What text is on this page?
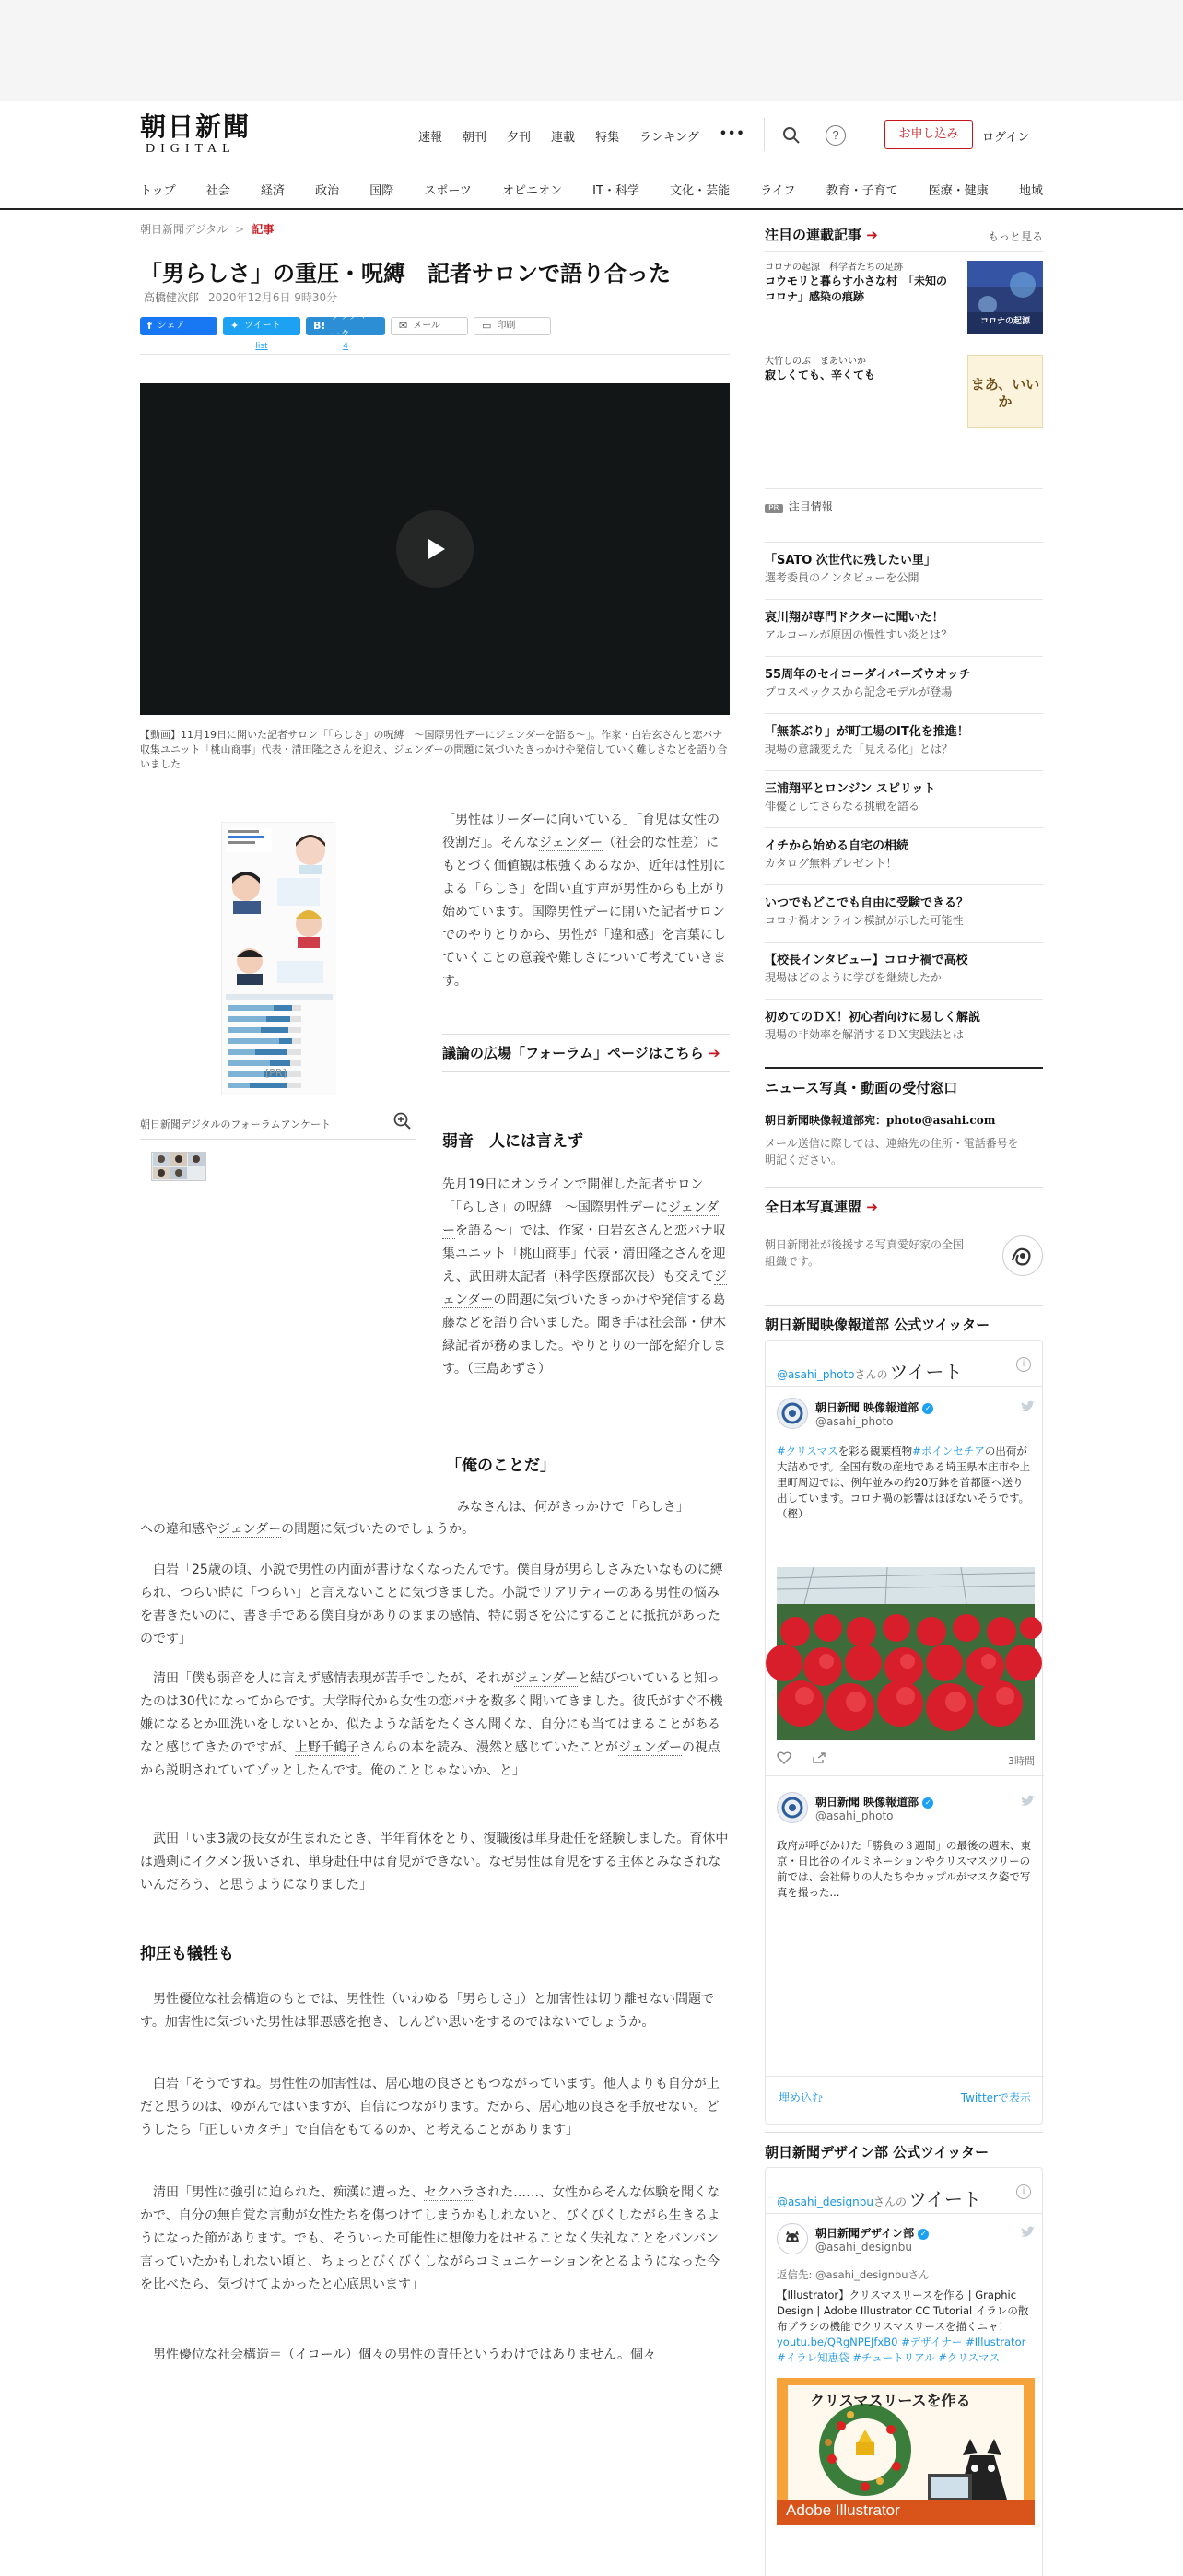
朝日新聞
DIGITAL
速報 朝刊 夕刊 連載 特集 ランキング •••	?	お申し込み	ログイン
トップ	社会	経済	政治	国際	スポーツ	オピニオン	IT・科学	文化・芸能	ライフ	教育・子育て	医療・健康	地域
朝日新聞デジタル > 記事
「男らしさ」の重圧・呪縛　記者サロンで語り合った
高橋健次郎 2020年12月6日 9時30分
f シェア	✦ ツイート
list
B!
ブックマーク
4
✉ メール	▭ 印刷
【動画】11月19日に開いた記者サロン「「らしさ」の呪縛　～国際男性デーにジェンダーを語る～」。作家・白岩玄さんと恋バナ収集ユニット「桃山商事」代表・清田隆之さんを迎え、ジェンダーの問題に気づいたきっかけや発信していく難しさなどを語り合いました
朝日新聞デジタルのフォーラムアンケート
[PR]
「男性はリーダーに向いている」「育児は女性の役割だ」。そんなジェンダー（社会的な性差）にもとづく価値観は根強くあるなか、近年は性別による「らしさ」を問い直す声が男性からも上がり始めています。国際男性デーに開いた記者サロンでのやりとりから、男性が「違和感」を言葉にしていくことの意義や難しさについて考えていきます。
議論の広場「フォーラム」ページはこちら ➔
弱音　人には言えず
先月19日にオンラインで開催した記者サロン「「らしさ」の呪縛　～国際男性デーにジェンダーを語る～」では、作家・白岩玄さんと恋バナ収集ユニット「桃山商事」代表・清田隆之さんを迎え、武田耕太記者（科学医療部次長）も交えてジェンダーの問題に気づいたきっかけや発信する葛藤などを語り合いました。聞き手は社会部・伊木緑記者が務めました。やりとりの一部を紹介します。（三島あずさ）
「俺のことだ」
みなさんは、何がきっかけで「らしさ」
への違和感やジェンダーの問題に気づいたのでしょうか。
白岩「25歳の頃、小説で男性の内面が書けなくなったんです。僕自身が男らしさみたいなものに縛られ、つらい時に「つらい」と言えないことに気づきました。小説でリアリティーのある男性の悩みを書きたいのに、書き手である僕自身がありのままの感情、特に弱さを公にすることに抵抗があったのです」
清田「僕も弱音を人に言えず感情表現が苦手でしたが、それがジェンダーと結びついていると知ったのは30代になってからです。大学時代から女性の恋バナを数多く聞いてきました。彼氏がすぐ不機嫌になるとか皿洗いをしないとか、似たような話をたくさん聞くな、自分にも当てはまることがあるなと感じてきたのですが、上野千鶴子さんらの本を読み、漫然と感じていたことがジェンダーの視点から説明されていてゾッとしたんです。俺のことじゃないか、と」
武田「いま3歳の長女が生まれたとき、半年育休をとり、復職後は単身赴任を経験しました。育休中は過剰にイクメン扱いされ、単身赴任中は育児ができない。なぜ男性は育児をする主体とみなされないんだろう、と思うようになりました」
抑圧も犠牲も
男性優位な社会構造のもとでは、男性性（いわゆる「男らしさ」）と加害性は切り離せない問題です。加害性に気づいた男性は罪悪感を抱き、しんどい思いをするのではないでしょうか。
白岩「そうですね。男性性の加害性は、居心地の良さともつながっています。他人よりも自分が上だと思うのは、ゆがんではいますが、自信につながります。だから、居心地の良さを手放せない。どうしたら「正しいカタチ」で自信をもてるのか、と考えることがあります」
清田「男性に強引に迫られた、痴漢に遭った、セクハラされた……、女性からそんな体験を聞くなかで、自分の無自覚な言動が女性たちを傷つけてしまうかもしれないと、びくびくしながら生きるようになった節があります。でも、そういった可能性に想像力をはせることなく失礼なことをバンバン言っていたかもしれない頃と、ちょっとびくびくしながらコミュニケーションをとるようになった今を比べたら、気づけてよかったと心底思います」
男性優位な社会構造＝（イコール）個々の男性の責任というわけではありません。個々
注目の連載記事 ➔	もっと見る
コロナの起源　科学者たちの足跡
コウモリと暮らす小さな村　「未知のコロナ」感染の痕跡
コロナの起源
大竹しのぶ　まあいいか
寂しくても、辛くても
まあ、いいか
PR 注目情報
「SATO 次世代に残したい里」
選考委員のインタビューを公開
哀川翔が専門ドクターに聞いた！
アルコールが原因の慢性すい炎とは？
55周年のセイコーダイバーズウオッチ
プロスペックスから記念モデルが登場
「無茶ぶり」が町工場のIT化を推進！
現場の意識変えた「見える化」とは？
三浦翔平とロンジン スピリット
俳優としてさらなる挑戦を語る
イチから始める自宅の相続
カタログ無料プレゼント！
いつでもどこでも自由に受験できる？
コロナ禍オンライン模試が示した可能性
【校長インタビュー】コロナ禍で高校
現場はどのように学びを継続したか
初めてのＤＸ！初心者向けに易しく解説
現場の非効率を解消するＤＸ実践法とは
ニュース写真・動画の受付窓口
朝日新聞映像報道部宛：photo@asahi.com
メール送信に際しては、連絡先の住所・電話番号を明記ください。
全日本写真連盟 ➔
朝日新聞社が後援する写真愛好家の全国組織です。
朝日新聞映像報道部 公式ツイッター
@asahi_photoさんの ツイート	i
朝日新聞 映像報道部 ✓
@asahi_photo
#クリスマスを彩る観葉植物#ポインセチアの出荷が大詰めです。全国有数の産地である埼玉県本庄市や上里町周辺では、例年並みの約20万鉢を首都圏へ送り出しています。コロナ禍の影響はほぼないそうです。（樫）
3時間
朝日新聞 映像報道部 ✓
@asahi_photo
政府が呼びかけた「勝負の３週間」の最後の週末、東京・日比谷のイルミネーションやクリスマスツリーの前では、会社帰りの人たちやカップルがマスク姿で写真を撮った...
埋め込む	Twitterで表示
朝日新聞デザイン部 公式ツイッター
@asahi_designbuさんの ツイート	i
朝日新聞デザイン部 ✓
@asahi_designbu
返信先: @asahi_designbuさん
【Illustrator】クリスマスリースを作る | Graphic Design | Adobe Illustrator CC Tutorial イラレの散布ブラシの機能でクリスマスリースを描くニャ！youtu.be/QRgNPEJfxB0 #デザイナー #Illustrator #イラレ知恵袋 #チュートリアル #クリスマス
クリスマスリースを作る
Adobe Illustrator
